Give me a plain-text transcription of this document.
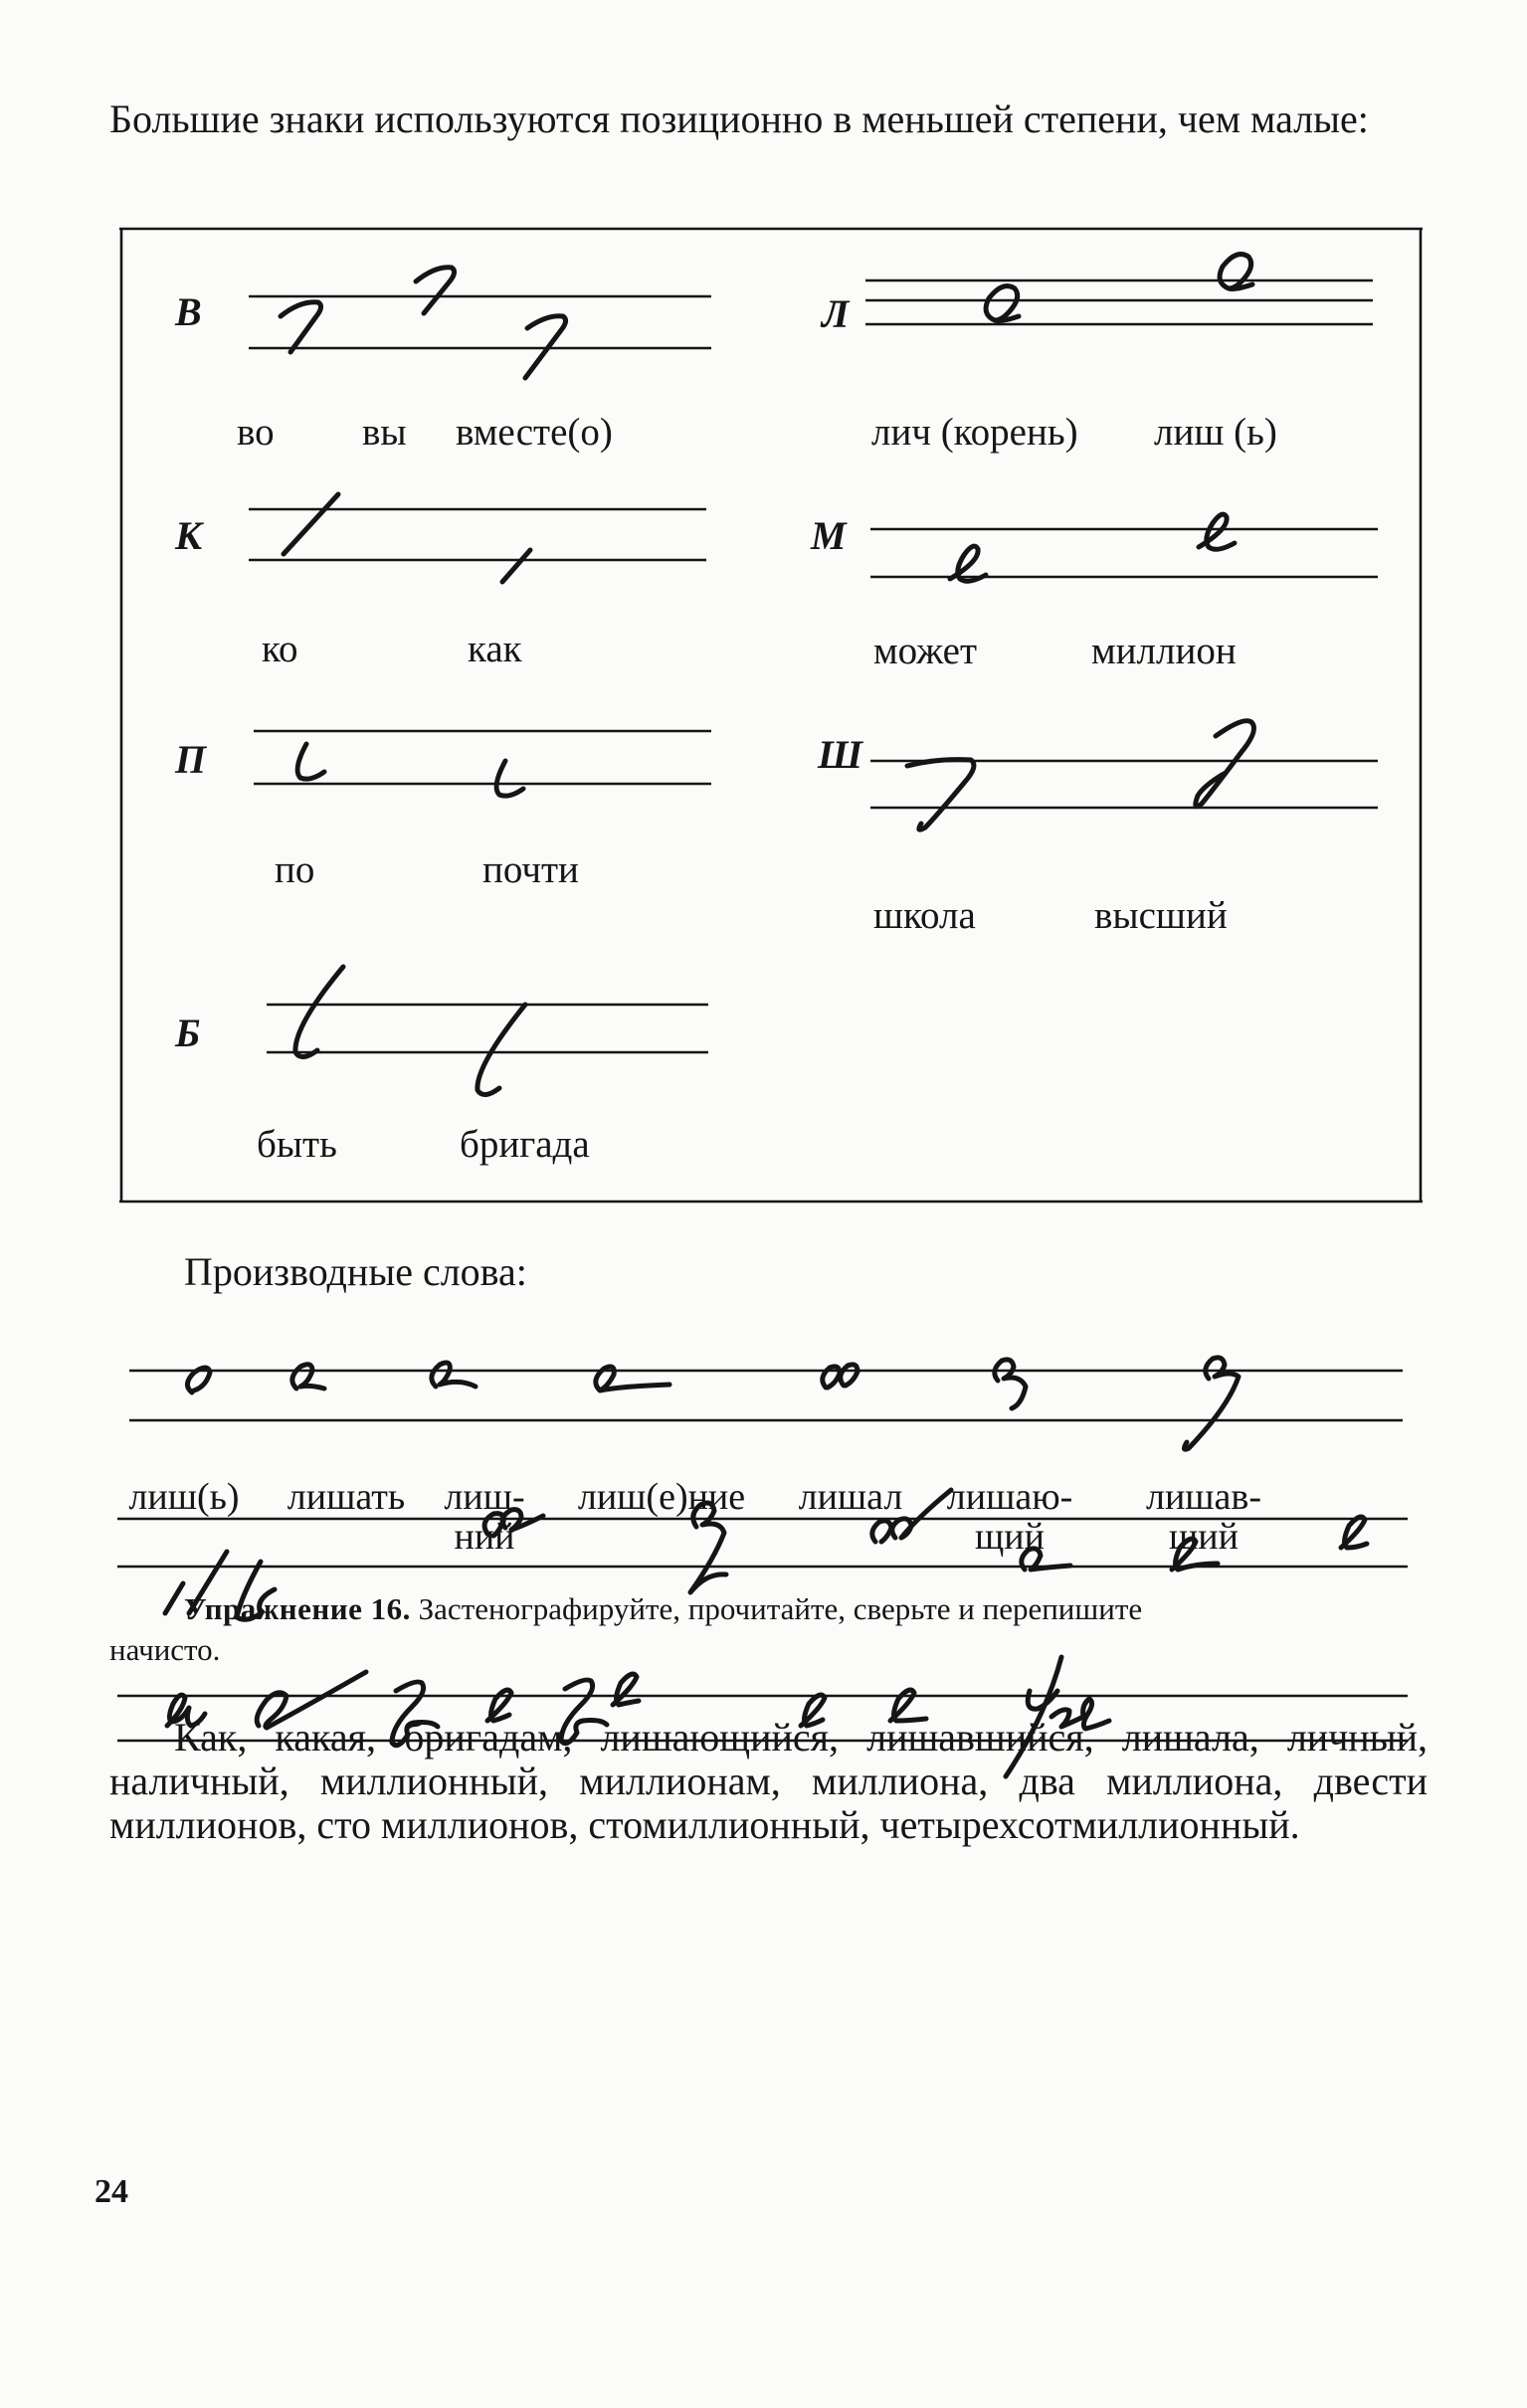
Большие знаки используются позиционно в меньшей степени, чем малые:
В
во вы вместе(о)
К
ко	как
П
по	почти
Б
быть	бригада
Л
лич (корень) лиш (ь)
М
может	миллион
Ш
школа	высший
Производные слова:
лиш(ь)	лишать	лиш-
ний
лиш(е)ние	лишал	лишаю-
щий
лишав-
ший
Упражнение 16. Застенографируйте, прочитайте, сверьте и перепишите
начисто.
Как, какая, бригадам, лишающийся, лишавшийся, лишала, личный, наличный, миллионный, миллионам, миллиона, два миллиона, двести миллионов, сто миллионов, стомиллионный, четырехсотмиллионный.
24
